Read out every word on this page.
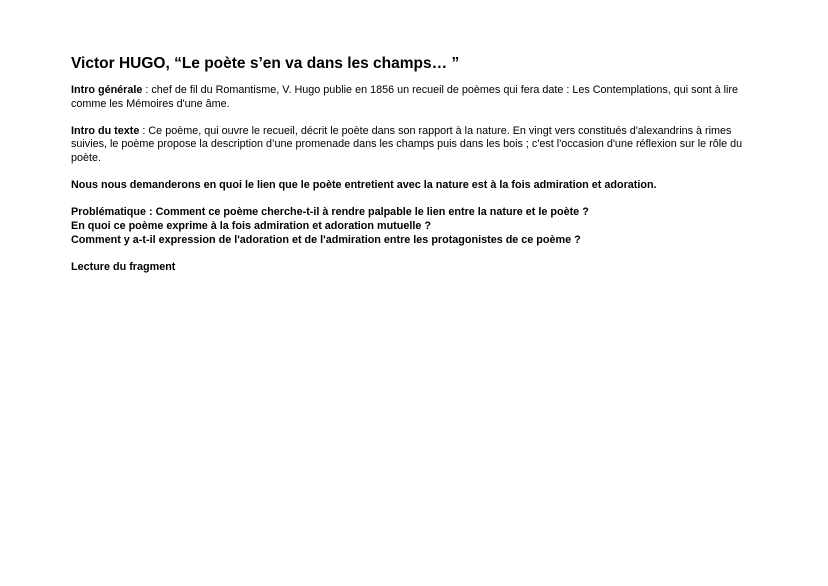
Victor HUGO, “Le poète s’en va dans les champs… ”
Intro générale : chef de fil du Romantisme, V. Hugo publie en 1856 un recueil de poèmes qui fera date : Les Contemplations, qui sont à lire comme les Mémoires d'une âme.
Intro du texte : Ce poème, qui ouvre le recueil, décrit le poète dans son rapport à la nature. En vingt vers constitués d'alexandrins à rimes suivies, le poème propose la description d’une promenade dans les champs puis dans les bois ; c'est l'occasion d'une réflexion sur le rôle du poète.
Nous nous demanderons en quoi le lien que le poète entretient avec la nature est à la fois admiration et adoration.
Problématique : Comment ce poème cherche-t-il à rendre palpable le lien entre la nature et le poète ?
En quoi ce poème exprime à la fois admiration et adoration mutuelle ?
Comment y a-t-il expression de l'adoration et de l'admiration entre les protagonistes de ce poème ?
Lecture du fragment
